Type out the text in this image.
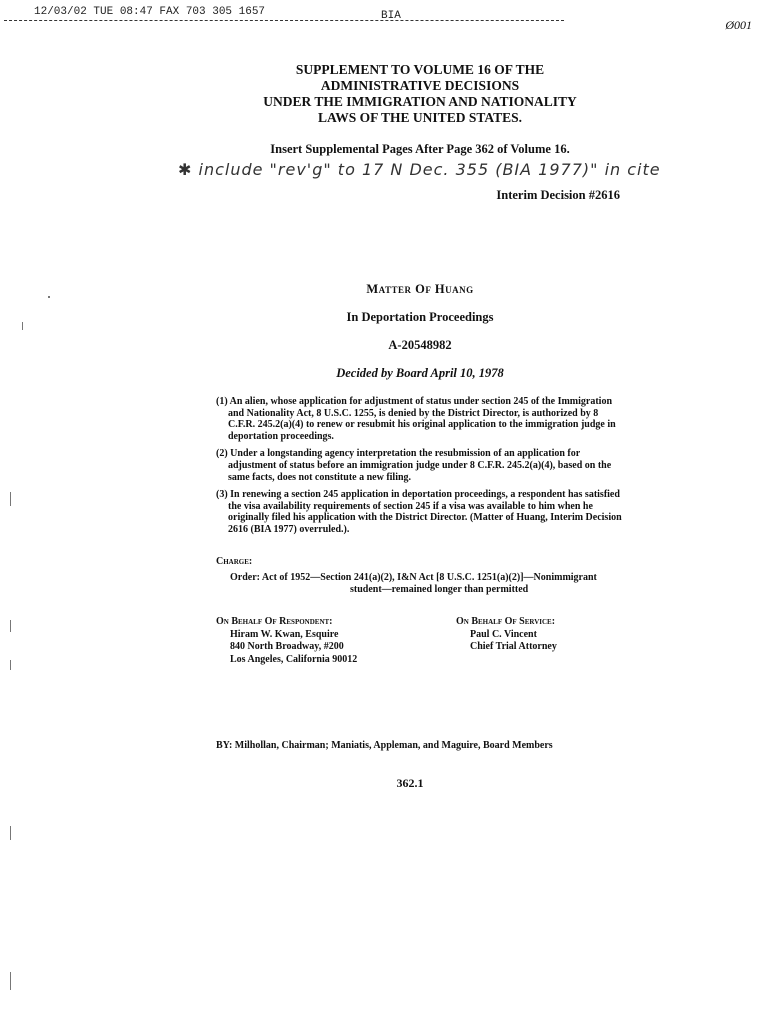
12/03/02 TUE 08:47 FAX 703 305 1657	BIA
Ø001
SUPPLEMENT TO VOLUME 16 OF THE
ADMINISTRATIVE DECISIONS
UNDER THE IMMIGRATION AND NATIONALITY
LAWS OF THE UNITED STATES.
Insert Supplemental Pages After Page 362 of Volume 16.
✱ include "rev'g" to 17 N Dec. 355 (BIA 1977)" in cite
Interim Decision #2616
Matter Of Huang
In Deportation Proceedings
A-20548982
Decided by Board April 10, 1978

(1) An alien, whose application for adjustment of status under section 245 of the Immigration and Nationality Act, 8 U.S.C. 1255, is denied by the District Director, is authorized by 8 C.F.R. 245.2(a)(4) to renew or resubmit his original application to the immigration judge in deportation proceedings.

(2) Under a longstanding agency interpretation the resubmission of an application for adjustment of status before an immigration judge under 8 C.F.R. 245.2(a)(4), based on the same facts, does not constitute a new filing.

(3) In renewing a section 245 application in deportation proceedings, a respondent has satisfied the visa availability requirements of section 245 if a visa was available to him when he originally filed his application with the District Director. (Matter of Huang, Interim Decision 2616 (BIA 1977) overruled.).

Charge:
Order: Act of 1952—Section 241(a)(2), I&N Act [8 U.S.C. 1251(a)(2)]—Nonimmigrant student—remained longer than permitted
On Behalf Of Respondent:
Hiram W. Kwan, Esquire
840 North Broadway, #200
Los Angeles, California 90012
On Behalf Of Service:
Paul C. Vincent
Chief Trial Attorney
BY: Milhollan, Chairman; Maniatis, Appleman, and Maguire, Board Members
362.1
